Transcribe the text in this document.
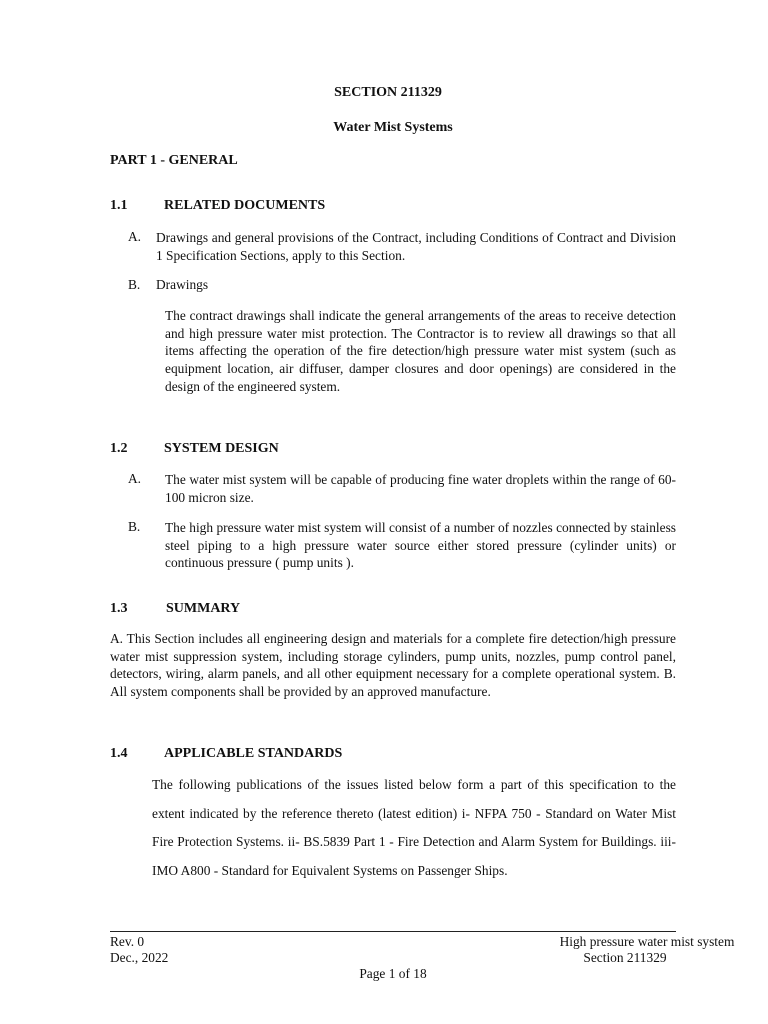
SECTION 211329
Water Mist Systems
PART 1 - GENERAL
1.1	RELATED DOCUMENTS
A. Drawings and general provisions of the Contract, including Conditions of Contract and Division 1 Specification Sections, apply to this Section.
B. Drawings
The contract drawings shall indicate the general arrangements of the areas to receive detection and high pressure water mist protection. The Contractor is to review all drawings so that all items affecting the operation of the fire detection/high pressure water mist system (such as equipment location, air diffuser, damper closures and door openings) are considered in the design of the engineered system.
1.2	SYSTEM DESIGN
A. The water mist system will be capable of producing fine water droplets within the range of 60-100 micron size.
B. The high pressure water mist system will consist of a number of nozzles connected by stainless steel piping to a high pressure water source either stored pressure (cylinder units) or continuous pressure ( pump units ).
1.3	SUMMARY
A. This Section includes all engineering design and materials for a complete fire detection/high pressure water mist suppression system, including storage cylinders, pump units, nozzles, pump control panel, detectors, wiring, alarm panels, and all other equipment necessary for a complete operational system. B. All system components shall be provided by an approved manufacture.
1.4	APPLICABLE STANDARDS
The following publications of the issues listed below form a part of this specification to the extent indicated by the reference thereto (latest edition) i- NFPA 750 - Standard on Water Mist Fire Protection Systems. ii- BS.5839 Part 1 - Fire Detection and Alarm System for Buildings. iii- IMO A800 - Standard for Equivalent Systems on Passenger Ships.
Rev. 0
Dec., 2022
High pressure water mist system
Section 211329
Page 1 of 18
